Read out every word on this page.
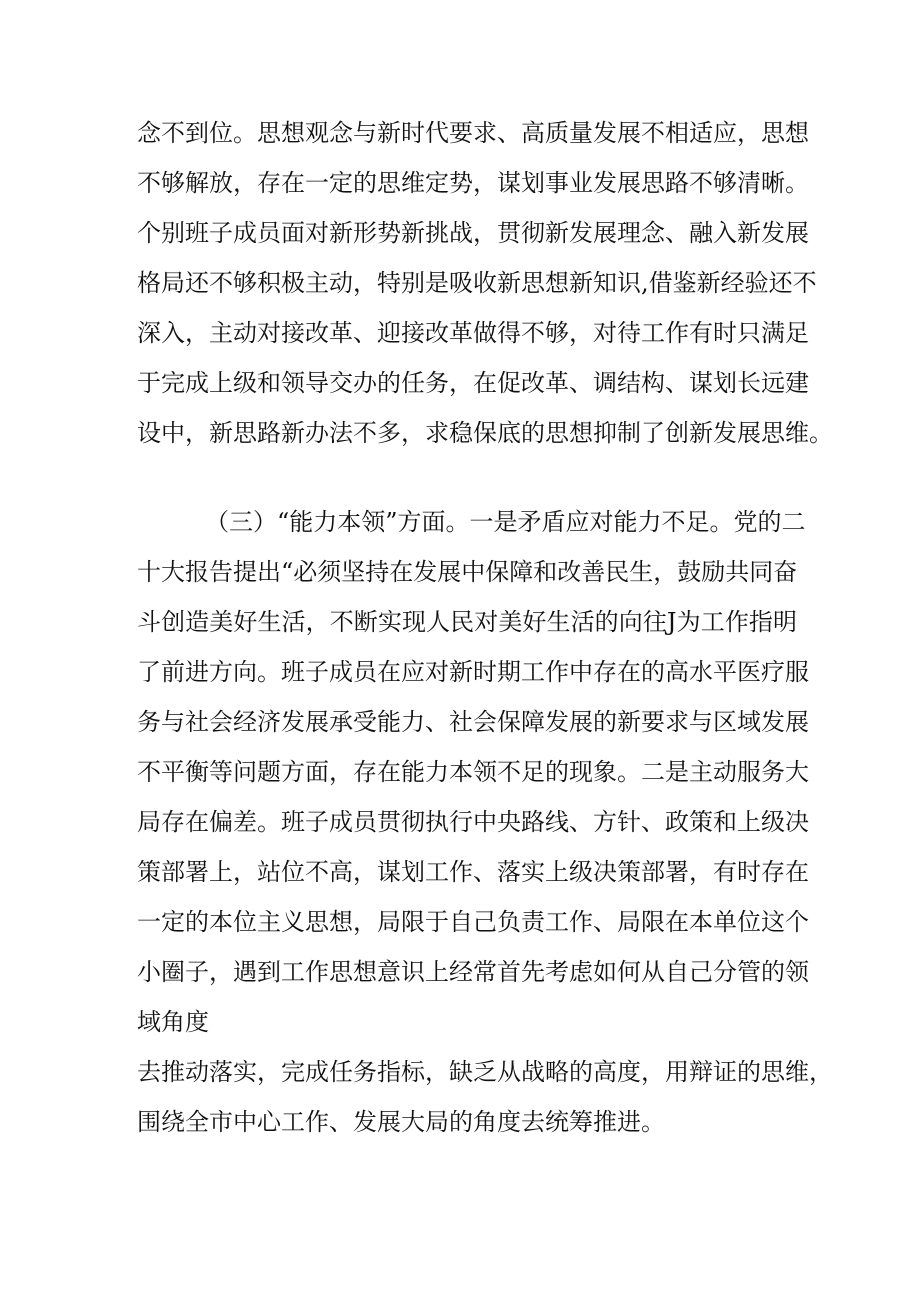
念不到位。思想观念与新时代要求、高质量发展不相适应，思想
不够解放，存在一定的思维定势，谋划事业发展思路不够清晰。
个别班子成员面对新形势新挑战，贯彻新发展理念、融入新发展
格局还不够积极主动，特别是吸收新思想新知识,借鉴新经验还不
深入，主动对接改革、迎接改革做得不够，对待工作有时只满足
于完成上级和领导交办的任务，在促改革、调结构、谋划长远建
设中，新思路新办法不多，求稳保底的思想抑制了创新发展思维。
（三）“能力本领”方面。一是矛盾应对能力不足。党的二
十大报告提出“必须坚持在发展中保障和改善民生，鼓励共同奋
斗创造美好生活，不断实现人民对美好生活的向往J为工作指明
了前进方向。班子成员在应对新时期工作中存在的高水平医疗服
务与社会经济发展承受能力、社会保障发展的新要求与区域发展
不平衡等问题方面，存在能力本领不足的现象。二是主动服务大
局存在偏差。班子成员贯彻执行中央路线、方针、政策和上级决
策部署上，站位不高，谋划工作、落实上级决策部署，有时存在
一定的本位主义思想，局限于自己负责工作、局限在本单位这个
小圈子，遇到工作思想意识上经常首先考虑如何从自己分管的领
域角度
去推动落实，完成任务指标，缺乏从战略的高度，用辩证的思维，
围绕全市中心工作、发展大局的角度去统筹推进。
